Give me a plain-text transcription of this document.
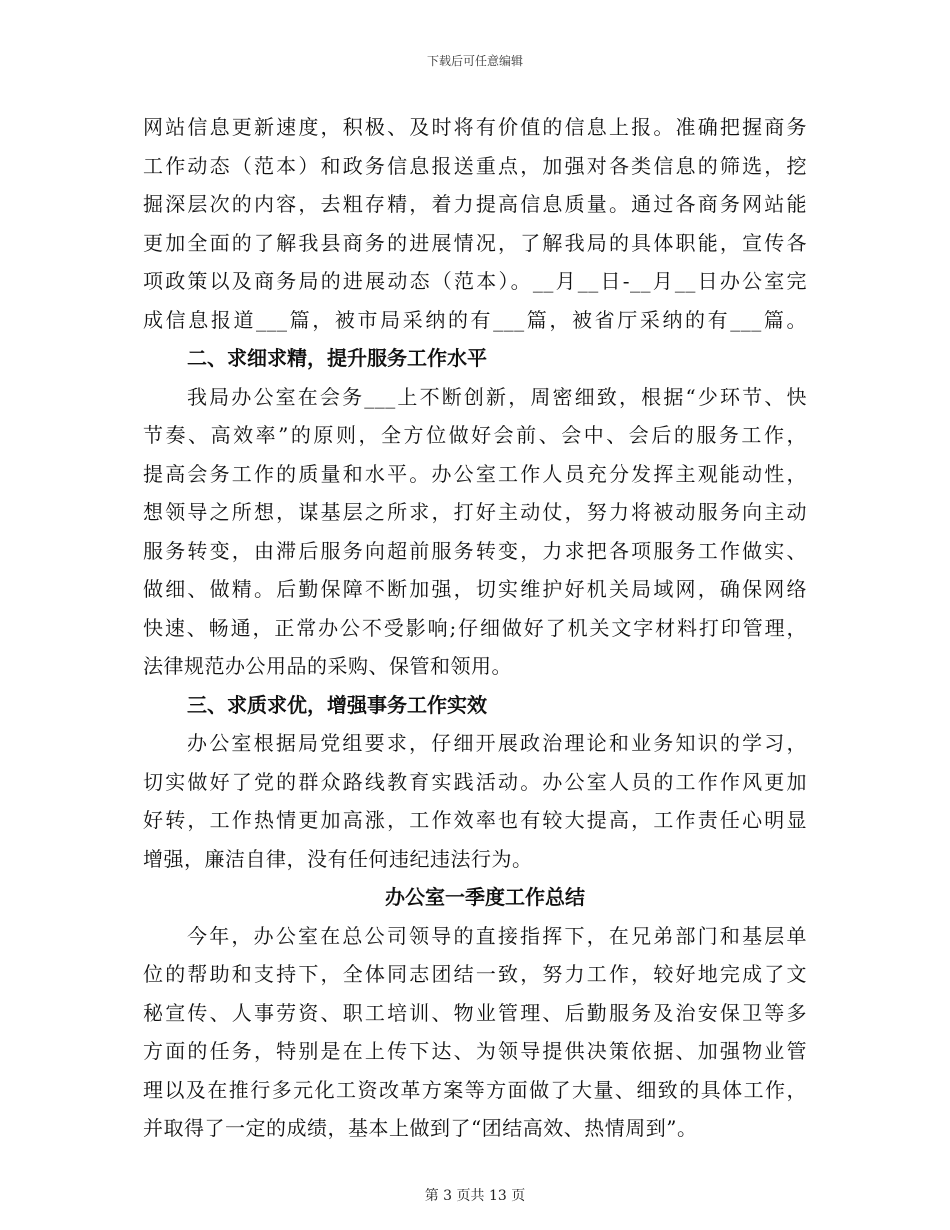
下载后可任意编辑
网站信息更新速度，积极、及时将有价值的信息上报。准确把握商务
工作动态（范本）和政务信息报送重点，加强对各类信息的筛选，挖
掘深层次的内容，去粗存精，着力提高信息质量。通过各商务网站能
更加全面的了解我县商务的进展情况，了解我局的具体职能，宣传各
项政策以及商务局的进展动态（范本）。__月__日-__月__日办公室完
成信息报道___篇，被市局采纳的有___篇，被省厅采纳的有___篇。
二、求细求精，提升服务工作水平
我局办公室在会务___上不断创新，周密细致，根据“少环节、快
节奏、高效率”的原则，全方位做好会前、会中、会后的服务工作，
提高会务工作的质量和水平。办公室工作人员充分发挥主观能动性，
想领导之所想，谋基层之所求，打好主动仗，努力将被动服务向主动
服务转变，由滞后服务向超前服务转变，力求把各项服务工作做实、
做细、做精。后勤保障不断加强，切实维护好机关局域网，确保网络
快速、畅通，正常办公不受影响;仔细做好了机关文字材料打印管理，
法律规范办公用品的采购、保管和领用。
三、求质求优，增强事务工作实效
办公室根据局党组要求，仔细开展政治理论和业务知识的学习，
切实做好了党的群众路线教育实践活动。办公室人员的工作作风更加
好转，工作热情更加高涨，工作效率也有较大提高，工作责任心明显
增强，廉洁自律，没有任何违纪违法行为。
办公室一季度工作总结
今年，办公室在总公司领导的直接指挥下，在兄弟部门和基层单
位的帮助和支持下，全体同志团结一致，努力工作，较好地完成了文
秘宣传、人事劳资、职工培训、物业管理、后勤服务及治安保卫等多
方面的任务，特别是在上传下达、为领导提供决策依据、加强物业管
理以及在推行多元化工资改革方案等方面做了大量、细致的具体工作，
并取得了一定的成绩，基本上做到了“团结高效、热情周到”。
第 3 页共 13 页
